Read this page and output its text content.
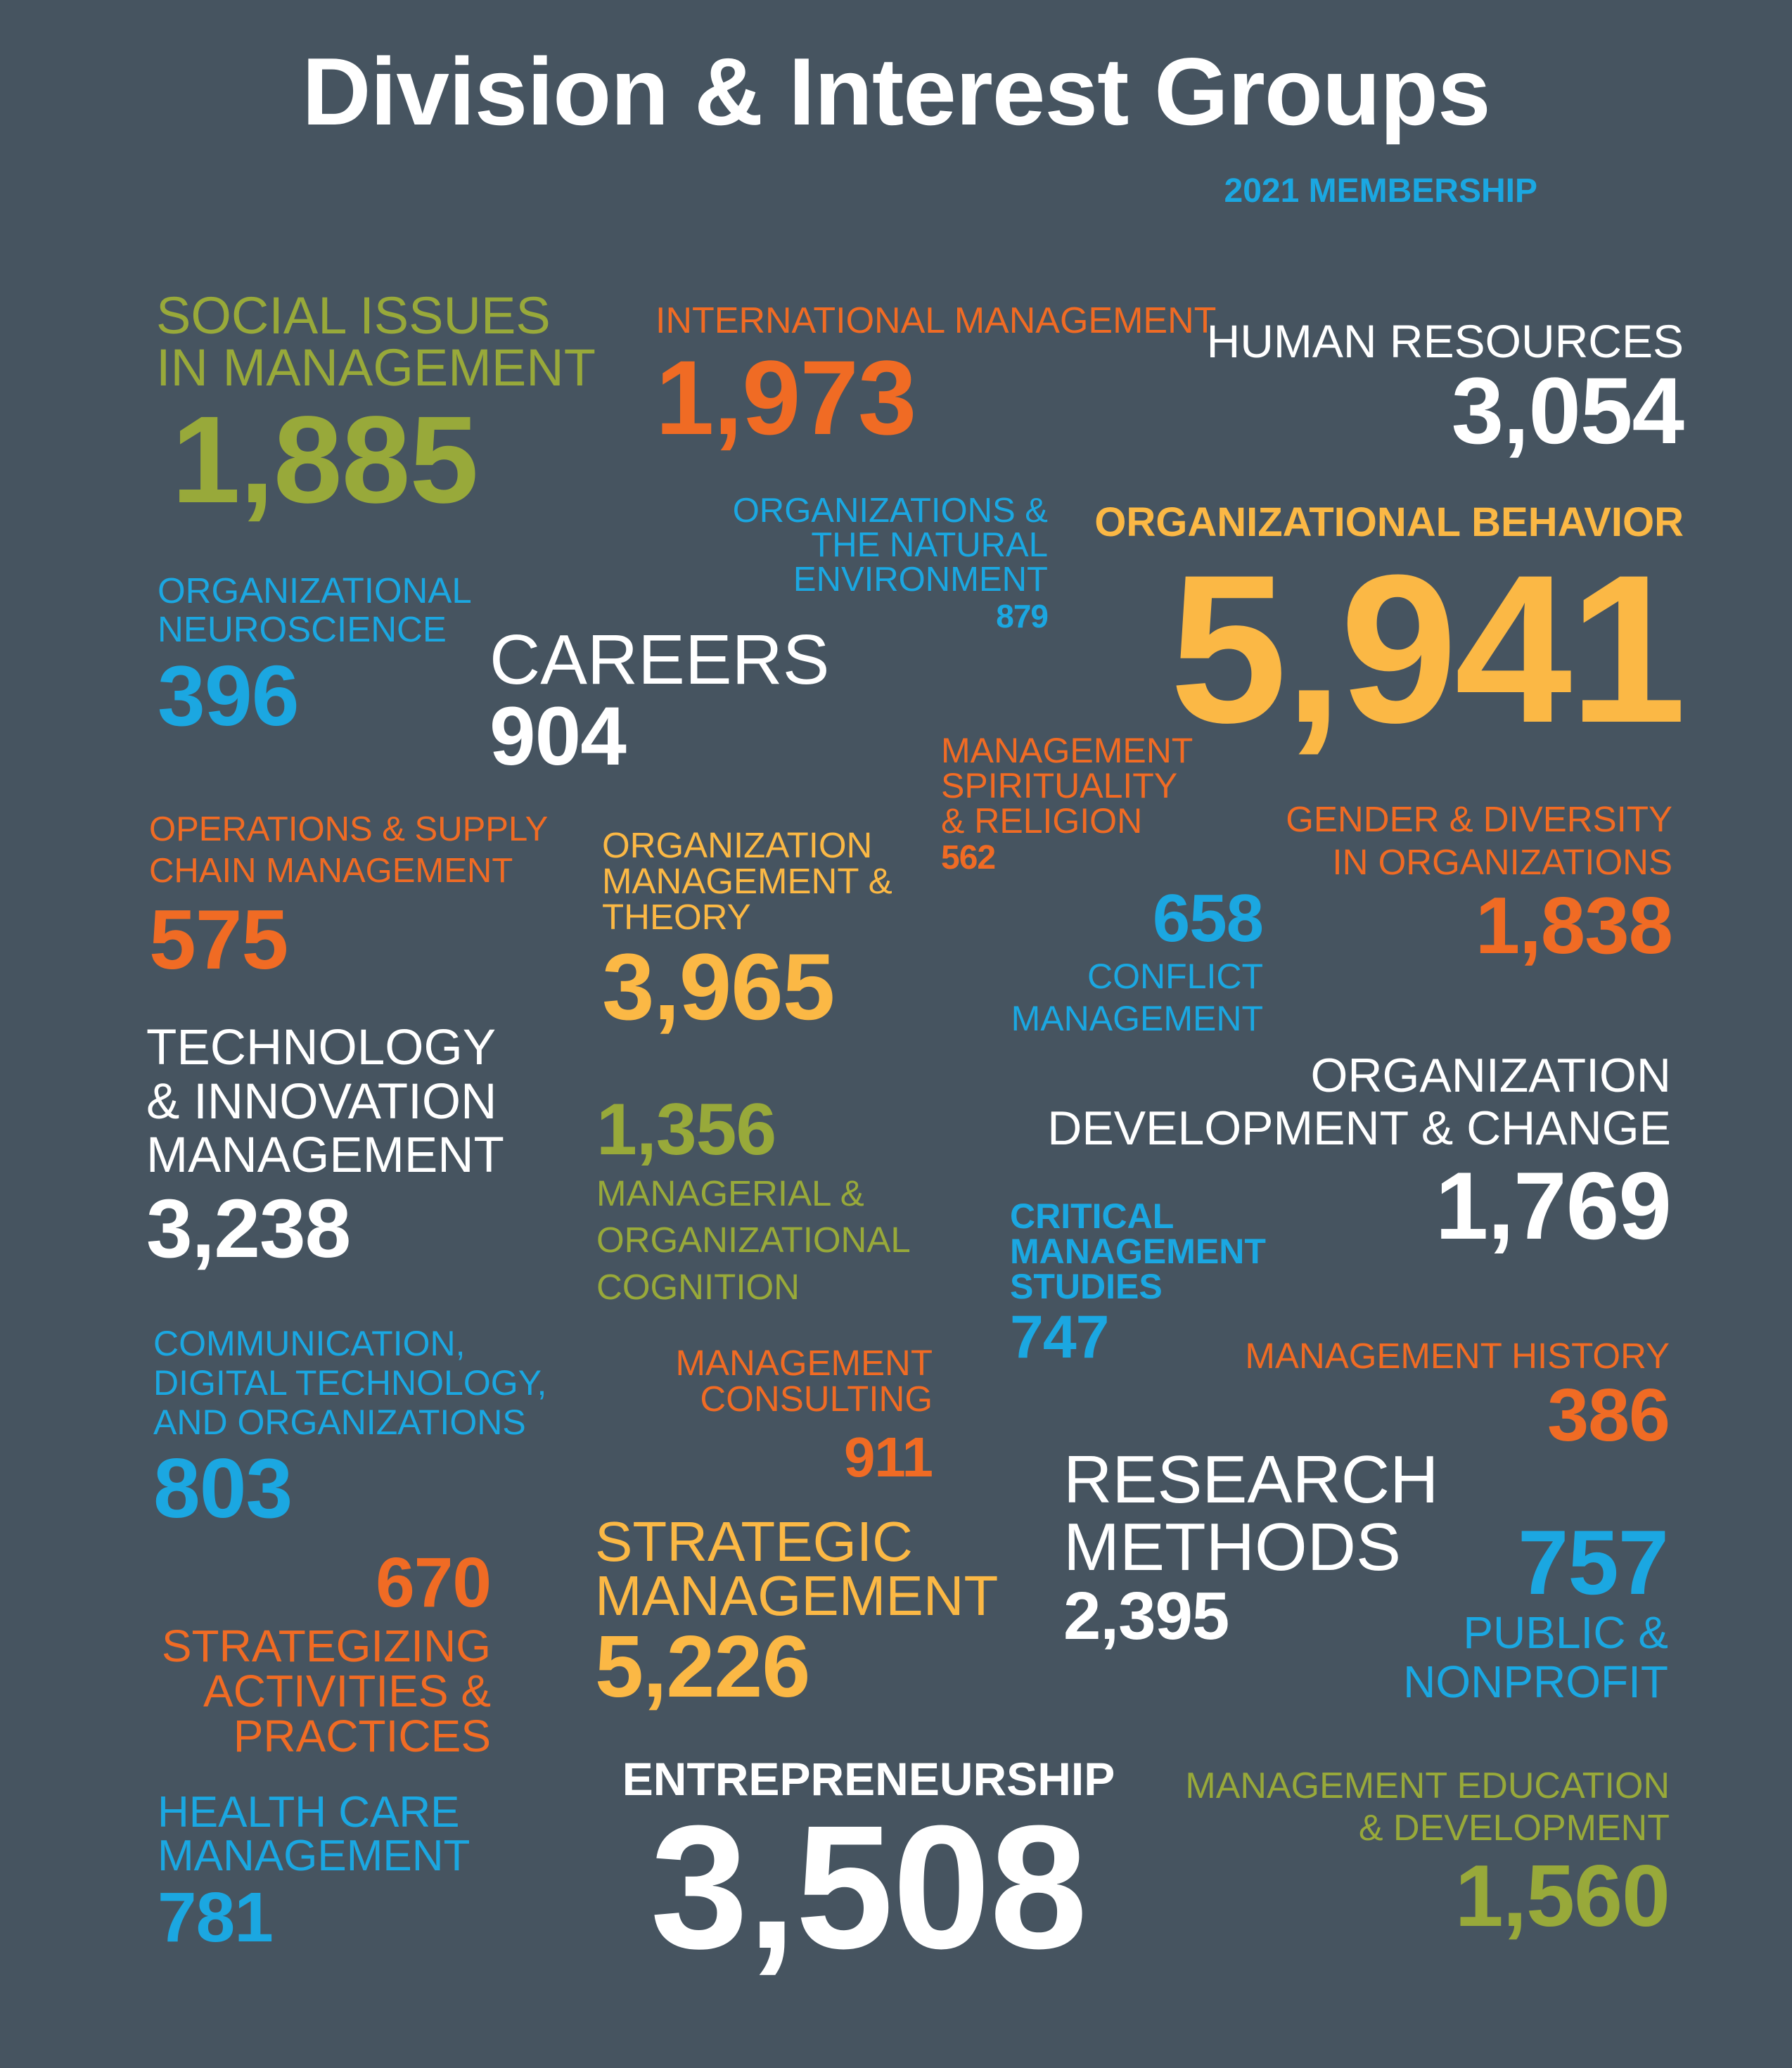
Division & Interest Groups
2021 MEMBERSHIP
SOCIAL ISSUES
IN MANAGEMENT
1,885
ORGANIZATIONAL
NEUROSCIENCE
396
OPERATIONS & SUPPLY
CHAIN MANAGEMENT
575
TECHNOLOGY
& INNOVATION
MANAGEMENT
3,238
COMMUNICATION,
DIGITAL TECHNOLOGY,
AND ORGANIZATIONS
803
670
STRATEGIZING
ACTIVITIES &
PRACTICES
HEALTH CARE
MANAGEMENT
781
INTERNATIONAL MANAGEMENT
1,973
ORGANIZATIONS &
THE NATURAL
ENVIRONMENT
879
CAREERS
904
ORGANIZATION
MANAGEMENT &
THEORY
3,965
1,356
MANAGERIAL &
ORGANIZATIONAL
COGNITION
MANAGEMENT
CONSULTING
911
STRATEGIC
MANAGEMENT
5,226
ENTREPRENEURSHIP
3,508
MANAGEMENT
SPIRITUALITY
& RELIGION
562
658
CONFLICT
MANAGEMENT
CRITICAL
MANAGEMENT
STUDIES
747
RESEARCH
METHODS
2,395
HUMAN RESOURCES
3,054
ORGANIZATIONAL BEHAVIOR
5,941
GENDER & DIVERSITY
IN ORGANIZATIONS
1,838
ORGANIZATION
DEVELOPMENT & CHANGE
1,769
MANAGEMENT HISTORY
386
757
PUBLIC &
NONPROFIT
MANAGEMENT EDUCATION
& DEVELOPMENT
1,560
